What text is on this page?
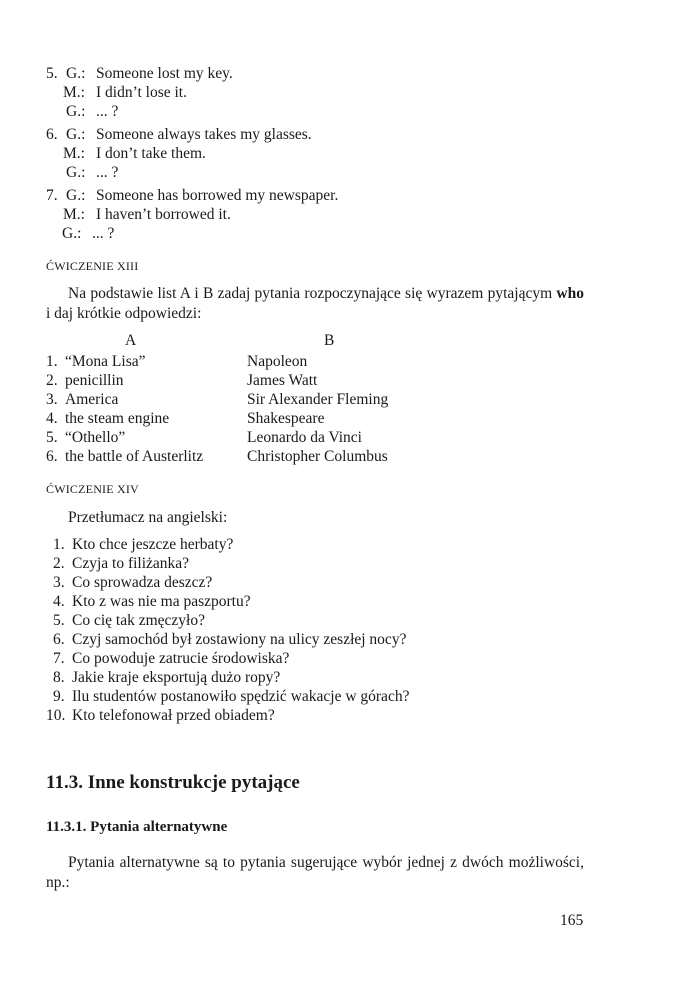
5. G.: Someone lost my key.
M.: I didn’t lose it.
G.: ... ?
6. G.: Someone always takes my glasses.
M.: I don’t take them.
G.: ... ?
7. G.: Someone has borrowed my newspaper.
M.: I haven’t borrowed it.
G.: ... ?
ĆWICZENIE XIII
Na podstawie list A i B zadaj pytania rozpoczynające się wyrazem pytającym who i daj krótkie odpowiedzi:
A	B
1. “Mona Lisa”	Napoleon
2. penicillin	James Watt
3. America	Sir Alexander Fleming
4. the steam engine	Shakespeare
5. “Othello”	Leonardo da Vinci
6. the battle of Austerlitz	Christopher Columbus
ĆWICZENIE XIV
Przetłumacz na angielski:
1. Kto chce jeszcze herbaty?
2. Czyja to filiżanka?
3. Co sprowadza deszcz?
4. Kto z was nie ma paszportu?
5. Co cię tak zmęczyło?
6. Czyj samochód był zostawiony na ulicy zeszłej nocy?
7. Co powoduje zatrucie środowiska?
8. Jakie kraje eksportują dużo ropy?
9. Ilu studentów postanowiło spędzić wakacje w górach?
10. Kto telefonował przed obiadem?
11.3. Inne konstrukcje pytające
11.3.1. Pytania alternatywne
Pytania alternatywne są to pytania sugerujące wybór jednej z dwóch możliwości, np.:
165
